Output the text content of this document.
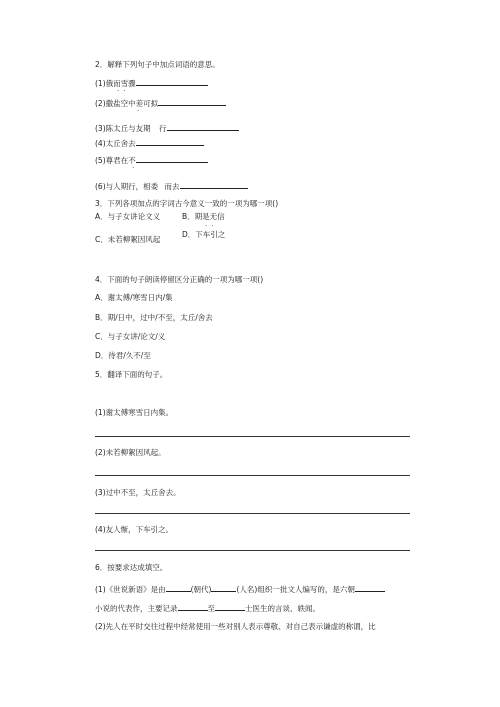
2．解释下列句子中加点词语的意思。
(1)俄而雪骤
··
(2)撒盐空中差可拟
·
(3)陈太丘与友期 行
(4)太丘舍去
(5)尊君在不
·
(6)与人期行，相委 而去
3．下列各项加点的字词古今意义一致的一项为哪一项()
A．与子女讲论文义	B．期是无信
··
C．未若柳絮因风起
D．下车引之
4．下面的句子朗读停留区分正确的一项为哪一项()
A．谢太傅/寒雪日内/集
B．期/日中，过中/不至，太丘/舍去
C．与子女讲/论文/义
D．待君/久不/至
5．翻译下面的句子。
(1)谢太傅寒雪日内集。
(2)未若柳絮因风起。
(3)过中不至，太丘舍去。
(4)友人惭，下车引之。
6．按要求达成填空。
(1)《世说新语》是由	(朝代)	(人名)组织一批文人编写的，是六朝
小说的代表作，主要记录	至	士医生的言谈、轶闻。
(2)先人在平时交往过程中经常使用一些对别人表示尊敬、对自己表示谦虚的称谓，比
